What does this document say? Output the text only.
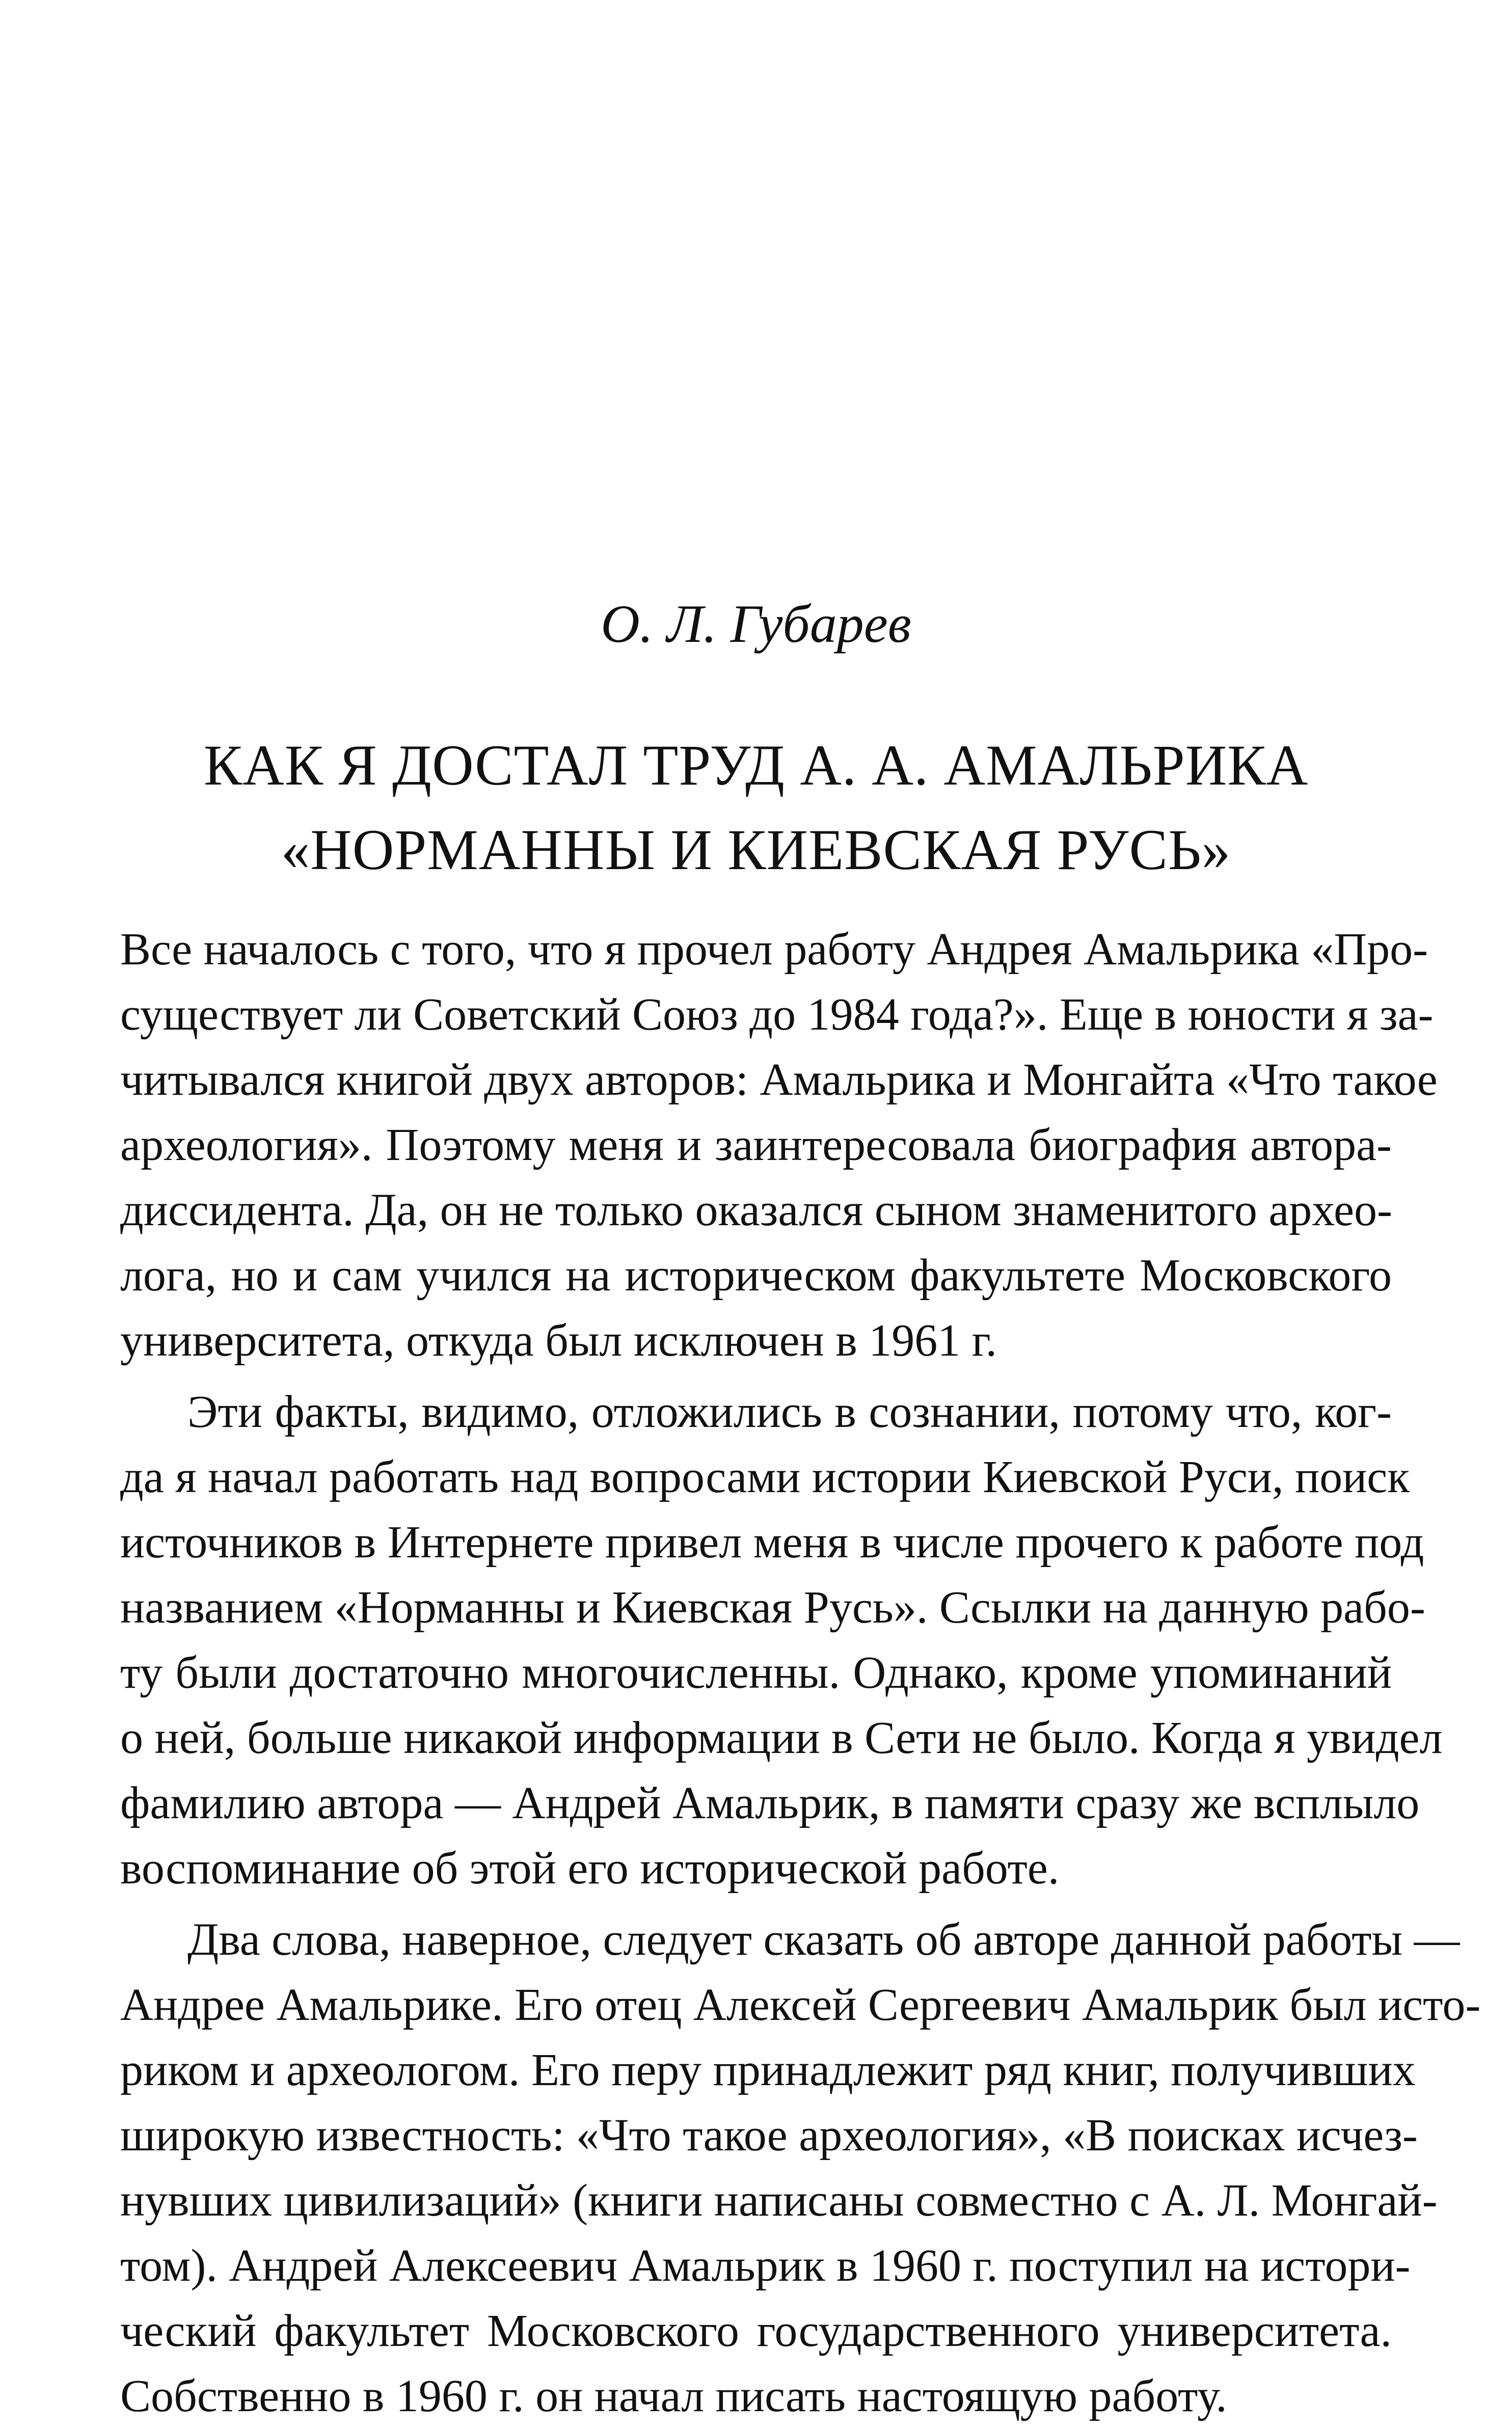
О. Л. Губарев

КАК Я ДОСТАЛ ТРУД А. А. АМАЛЬРИКА
«НОРМАННЫ И КИЕВСКАЯ РУСЬ»
Все началось с того, что я прочел работу Андрея Амальрика «Про-
существует ли Советский Союз до 1984 года?». Еще в юности я за-
читывался книгой двух авторов: Амальрика и Монгайта «Что такое
археология». Поэтому меня и заинтересовала биография автора-
диссидента. Да, он не только оказался сыном знаменитого архео-
лога, но и сам учился на историческом факультете Московского
университета, откуда был исключен в 1961 г.
Эти факты, видимо, отложились в сознании, потому что, ког-
да я начал работать над вопросами истории Киевской Руси, поиск
источников в Интернете привел меня в числе прочего к работе под
названием «Норманны и Киевская Русь». Ссылки на данную рабо-
ту были достаточно многочисленны. Однако, кроме упоминаний
о ней, больше никакой информации в Сети не было. Когда я увидел
фамилию автора — Андрей Амальрик, в памяти сразу же всплыло
воспоминание об этой его исторической работе.
Два слова, наверное, следует сказать об авторе данной работы —
Андрее Амальрике. Его отец Алексей Сергеевич Амальрик был исто-
риком и археологом. Его перу принадлежит ряд книг, получивших
широкую известность: «Что такое археология», «В поисках исчез-
нувших цивилизаций» (книги написаны совместно с А. Л. Монгай-
том). Андрей Алексеевич Амальрик в 1960 г. поступил на истори-
ческий факультет Московского государственного университета.
Собственно в 1960 г. он начал писать настоящую работу.
